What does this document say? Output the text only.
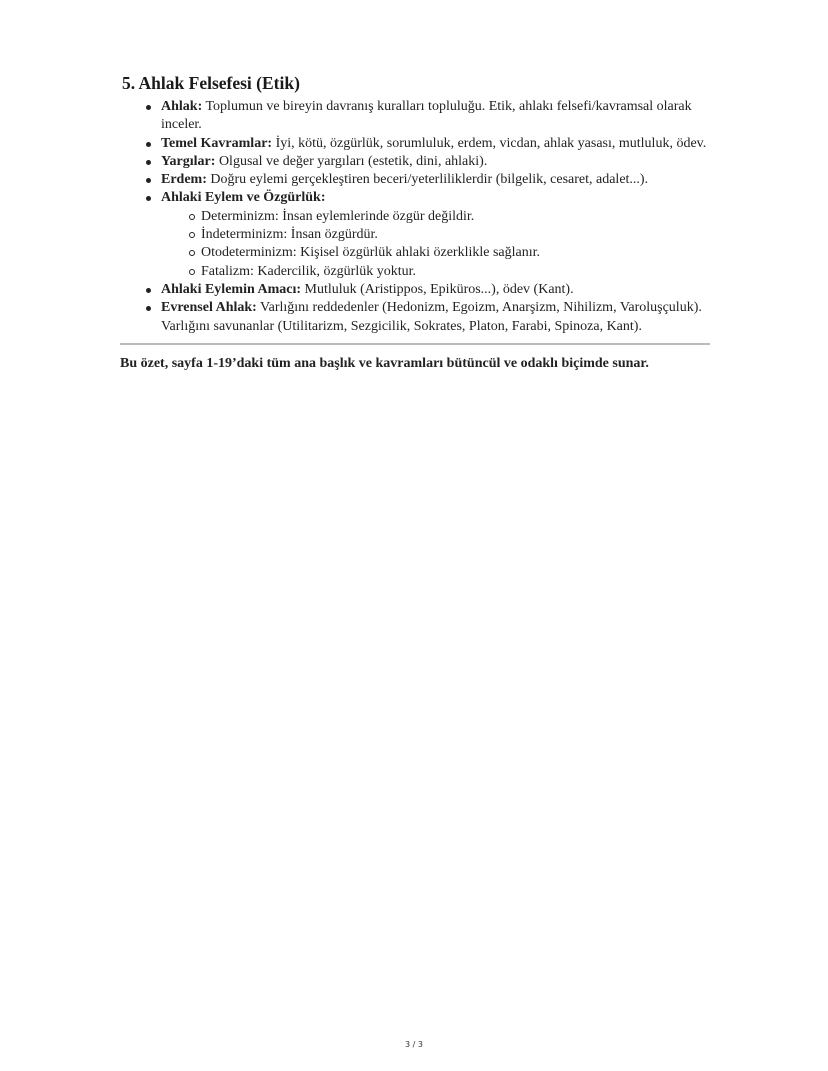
5. Ahlak Felsefesi (Etik)
Ahlak: Toplumun ve bireyin davranış kuralları topluluğu. Etik, ahlakı felsefi/kavramsal olarak inceler.
Temel Kavramlar: İyi, kötü, özgürlük, sorumluluk, erdem, vicdan, ahlak yasası, mutluluk, ödev.
Yargılar: Olgusal ve değer yargıları (estetik, dini, ahlaki).
Erdem: Doğru eylemi gerçekleştiren beceri/yeterliliklerdir (bilgelik, cesaret, adalet...).
Ahlaki Eylem ve Özgürlük:
Determinizm: İnsan eylemlerinde özgür değildir.
İndeterminizm: İnsan özgürdür.
Otodeterminizm: Kişisel özgürlük ahlaki özerklikle sağlanır.
Fatalizm: Kadercilik, özgürlük yoktur.
Ahlaki Eylemin Amacı: Mutluluk (Aristippos, Epiküros...), ödev (Kant).
Evrensel Ahlak: Varlığını reddedenler (Hedonizm, Egoizm, Anarşizm, Nihilizm, Varoluşçuluk). Varlığını savunanlar (Utilitarizm, Sezgicilik, Sokrates, Platon, Farabi, Spinoza, Kant).
Bu özet, sayfa 1-19’daki tüm ana başlık ve kavramları bütüncül ve odaklı biçimde sunar.
3 / 3
